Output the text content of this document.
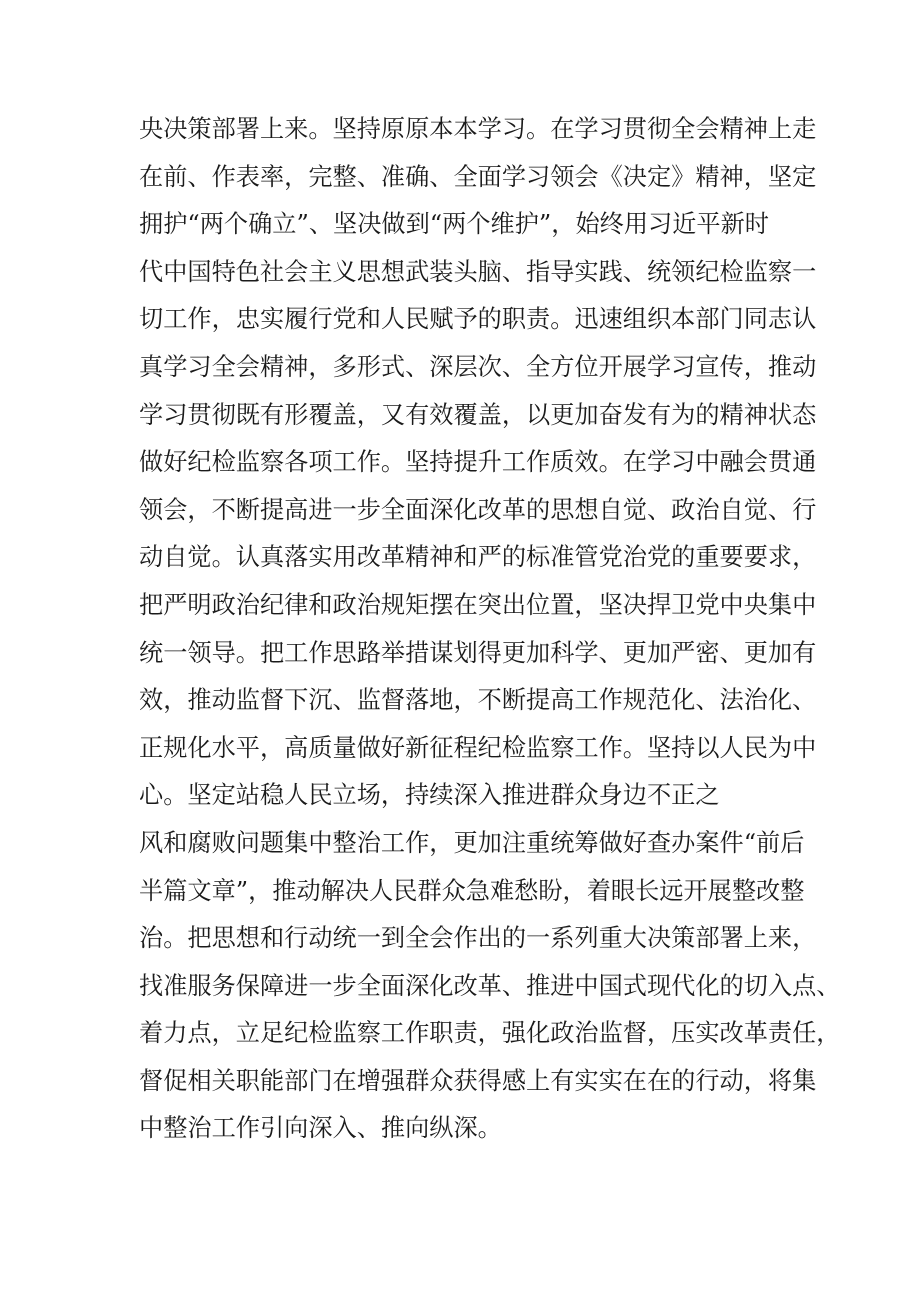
央决策部署上来。坚持原原本本学习。在学习贯彻全会精神上走
在前、作表率，完整、准确、全面学习领会《决定》精神，坚定
拥护“两个确立”、坚决做到“两个维护”，始终用习近平新时
代中国特色社会主义思想武装头脑、指导实践、统领纪检监察一
切工作，忠实履行党和人民赋予的职责。迅速组织本部门同志认
真学习全会精神，多形式、深层次、全方位开展学习宣传，推动
学习贯彻既有形覆盖，又有效覆盖，以更加奋发有为的精神状态
做好纪检监察各项工作。坚持提升工作质效。在学习中融会贯通
领会，不断提高进一步全面深化改革的思想自觉、政治自觉、行
动自觉。认真落实用改革精神和严的标准管党治党的重要要求，
把严明政治纪律和政治规矩摆在突出位置，坚决捍卫党中央集中
统一领导。把工作思路举措谋划得更加科学、更加严密、更加有
效，推动监督下沉、监督落地，不断提高工作规范化、法治化、
正规化水平，高质量做好新征程纪检监察工作。坚持以人民为中
心。坚定站稳人民立场，持续深入推进群众身边不正之
风和腐败问题集中整治工作，更加注重统筹做好查办案件“前后
半篇文章”，推动解决人民群众急难愁盼，着眼长远开展整改整
治。把思想和行动统一到全会作出的一系列重大决策部署上来，
找准服务保障进一步全面深化改革、推进中国式现代化的切入点、
着力点，立足纪检监察工作职责，强化政治监督，压实改革责任，
督促相关职能部门在增强群众获得感上有实实在在的行动，将集
中整治工作引向深入、推向纵深。
